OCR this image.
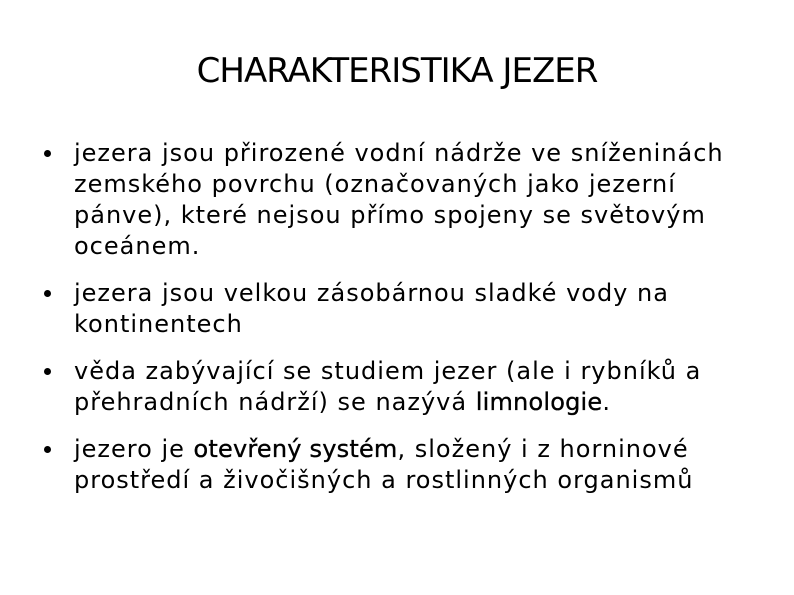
CHARAKTERISTIKA JEZER
jezera jsou přirozené vodní nádrže ve sníženinách zemského povrchu (označovaných jako jezerní pánve), které nejsou přímo spojeny se světovým oceánem.
jezera jsou velkou zásobárnou sladké vody na kontinentech
věda zabývající se studiem jezer (ale i rybníků a přehradních nádrží) se nazývá limnologie.
jezero je otevřený systém, složený i z horninové prostředí a živočišných a rostlinných organismů
